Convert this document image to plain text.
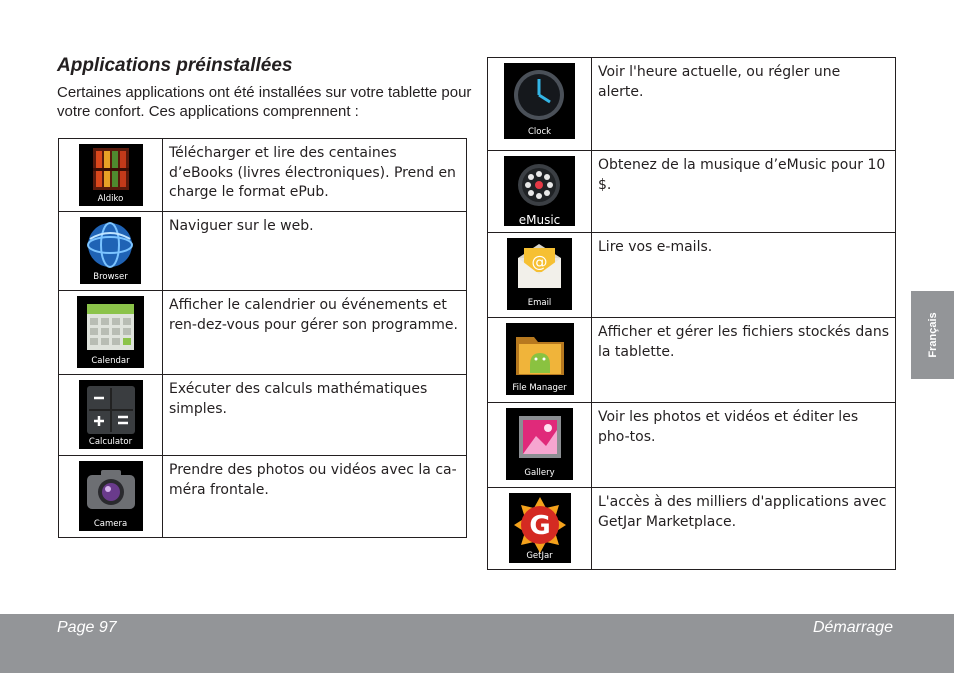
Applications préinstallées

Certaines applications ont été installées sur votre tablette pour votre confort. Ces applications comprennent :

Aldiko	Télécharger et lire des centaines d’eBooks (livres électroniques). Prend en charge le format ePub.

Browser	Naviguer sur le web.

Calendar	Afficher le calendrier ou événements et ren-dez-vous pour gérer son programme.

Calculator	Exécuter des calculs mathématiques simples.

Camera	Prendre des photos ou vidéos avec la ca-méra frontale.
Clock	Voir l'heure actuelle, ou régler une alerte.

eMusic	Obtenez de la musique d’eMusic pour 10 $.

@
Email	Lire vos e-mails.

File Manager	Afficher et gérer les fichiers stockés dans la tablette.

Gallery	Voir les photos et vidéos et éditer les pho-tos.

G
GetJar	L'accès à des milliers d'applications avec GetJar Marketplace.
Français
Page 97	Démarrage
